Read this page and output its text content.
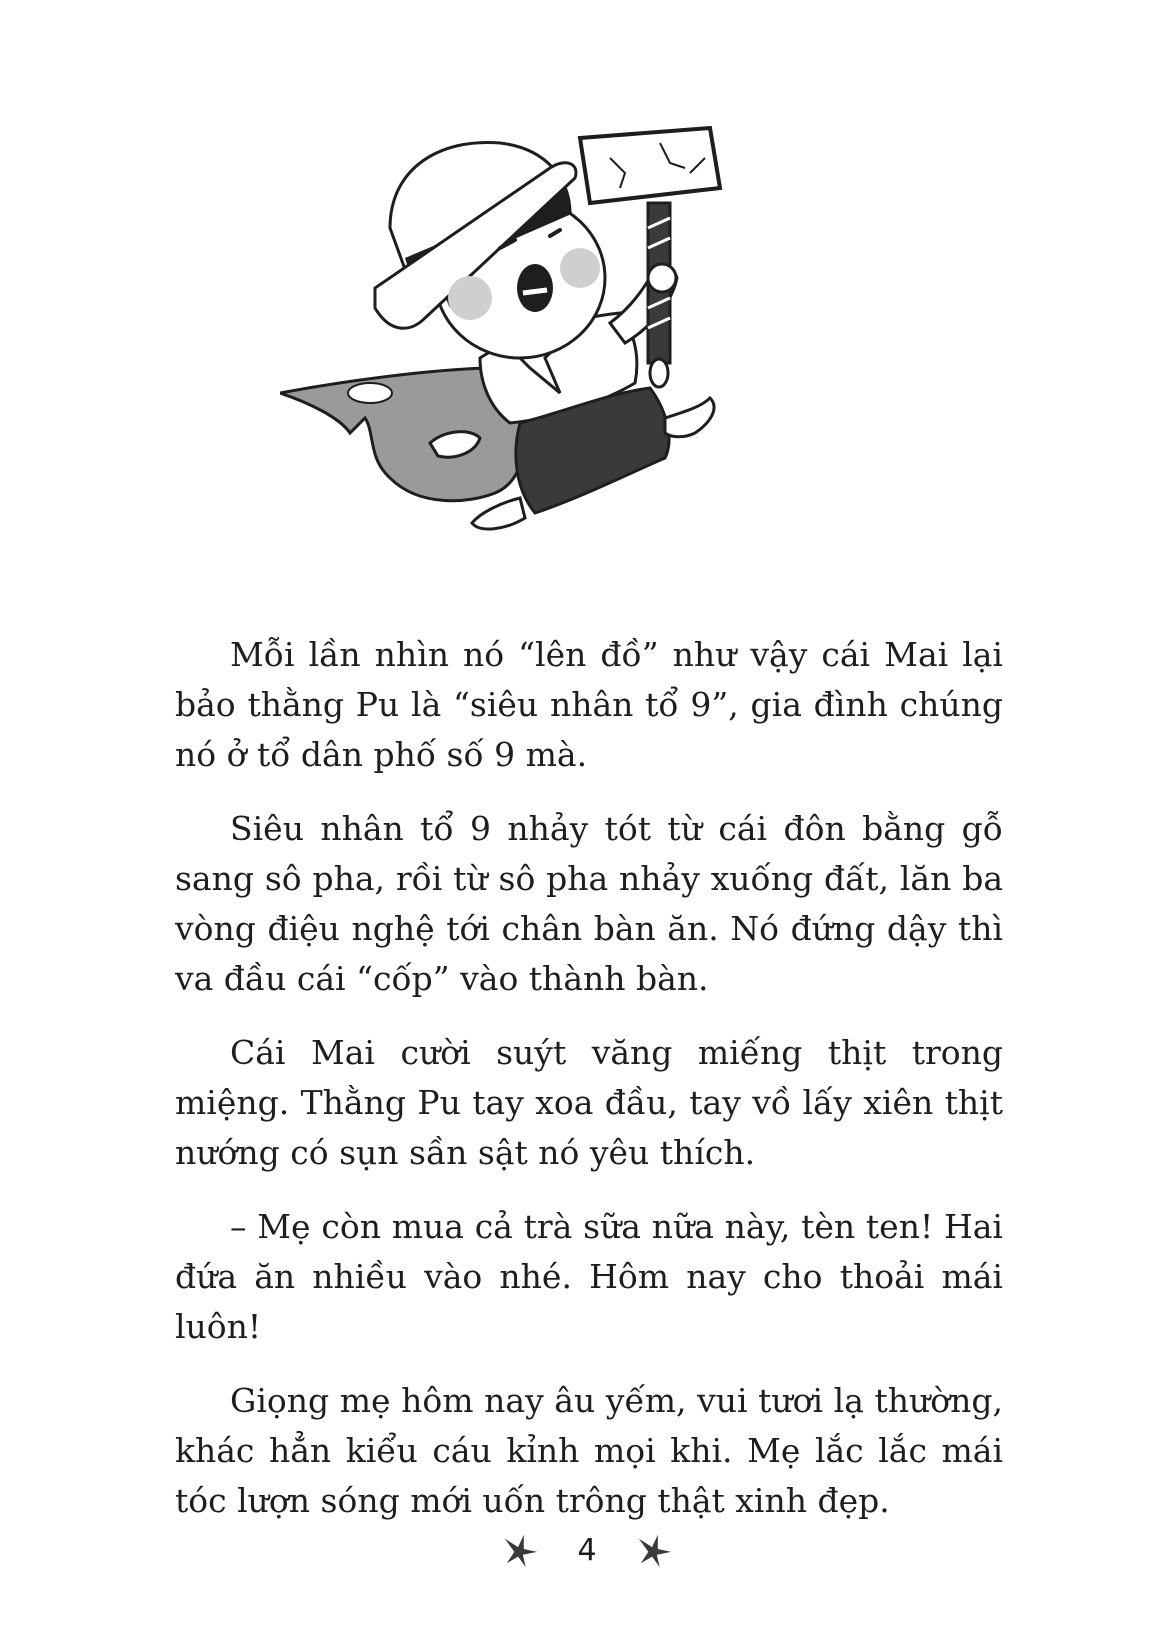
Mỗi lần nhìn nó “lên đồ” như vậy cái Mai lại bảo thằng Pu là “siêu nhân tổ 9”, gia đình chúng nó ở tổ dân phố số 9 mà.

Siêu nhân tổ 9 nhảy tót từ cái đôn bằng gỗ sang sô pha, rồi từ sô pha nhảy xuống đất, lăn ba vòng điệu nghệ tới chân bàn ăn. Nó đứng dậy thì va đầu cái “cốp” vào thành bàn.

Cái Mai cười suýt văng miếng thịt trong miệng. Thằng Pu tay xoa đầu, tay vồ lấy xiên thịt nướng có sụn sần sật nó yêu thích.

– Mẹ còn mua cả trà sữa nữa này, tèn ten! Hai đứa ăn nhiều vào nhé. Hôm nay cho thoải mái luôn!

Giọng mẹ hôm nay âu yếm, vui tươi lạ thường, khác hẳn kiểu cáu kỉnh mọi khi. Mẹ lắc lắc mái tóc lượn sóng mới uốn trông thật xinh đẹp.

4
